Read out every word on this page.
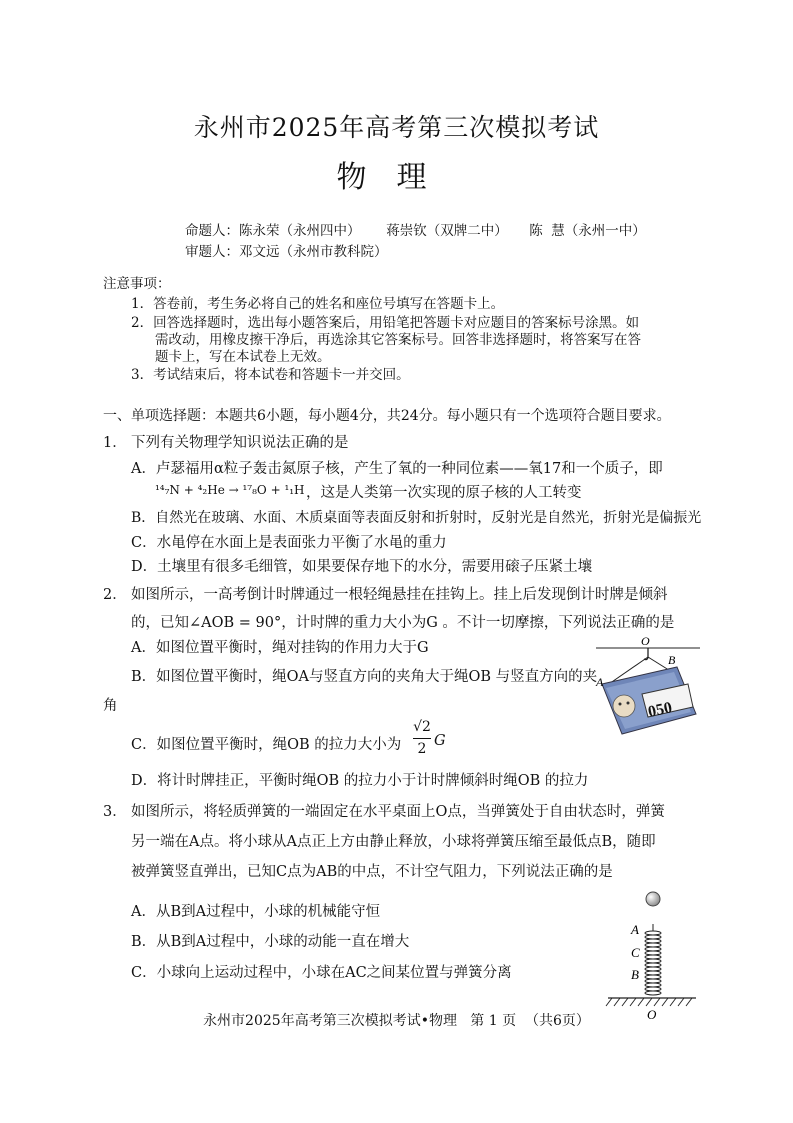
永州市2025年高考第三次模拟考试
物理
命题人：陈永荣（永州四中）      蒋崇钦（双牌二中）     陈  慧（永州一中）
审题人：邓文远（永州市教科院）
注意事项：
1．答卷前，考生务必将自己的姓名和座位号填写在答题卡上。
2．回答选择题时，选出每小题答案后，用铅笔把答题卡对应题目的答案标号涂黑。如
需改动，用橡皮擦干净后，再选涂其它答案标号。回答非选择题时，将答案写在答
题卡上，写在本试卷上无效。
3．考试结束后，将本试卷和答题卡一并交回。
一、单项选择题：本题共6小题，每小题4分，共24分。每小题只有一个选项符合题目要求。
1． 下列有关物理学知识说法正确的是
A．卢瑟福用α粒子轰击氮原子核，产生了氧的一种同位素——氧17和一个质子，即
¹⁴₇N + ⁴₂He → ¹⁷₈O + ¹₁H ，这是人类第一次实现的原子核的人工转变
B．自然光在玻璃、水面、木质桌面等表面反射和折射时，反射光是自然光，折射光是偏振光
C．水黾停在水面上是表面张力平衡了水黾的重力
D．土壤里有很多毛细管，如果要保存地下的水分，需要用磙子压紧土壤
2． 如图所示，一高考倒计时牌通过一根轻绳悬挂在挂钩上。挂上后发现倒计时牌是倾斜
的，已知∠AOB = 90°，计时牌的重力大小为G 。不计一切摩擦，下列说法正确的是
A．如图位置平衡时，绳对挂钩的作用力大于G
B．如图位置平衡时，绳OA与竖直方向的夹角大于绳OB 与竖直方向的夹
角
C．如图位置平衡时，绳OB 的拉力大小为
√2
2 G
D．将计时牌挂正，平衡时绳OB 的拉力小于计时牌倾斜时绳OB 的拉力
050
O
A
B
3． 如图所示，将轻质弹簧的一端固定在水平桌面上O点，当弹簧处于自由状态时，弹簧
另一端在A点。将小球从A点正上方由静止释放，小球将弹簧压缩至最低点B，随即
被弹簧竖直弹出，已知C点为AB的中点，不计空气阻力，下列说法正确的是
A．从B到A过程中，小球的机械能守恒
B．从B到A过程中，小球的动能一直在增大
C．小球向上运动过程中，小球在AC之间某位置与弹簧分离
A
C
B
O
永州市2025年高考第三次模拟考试•物理   第 1 页  （共6页）
